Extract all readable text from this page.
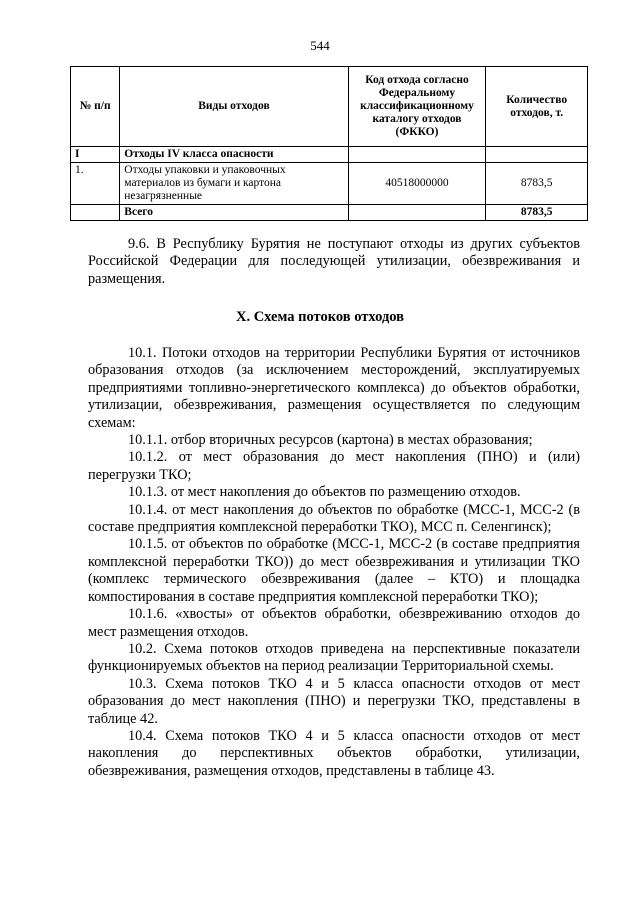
544
№ п/п	Виды отходов	Код отхода согласно Федеральному классификационному каталогу отходов (ФККО)	Количество отходов, т.
I	Отходы IV класса опасности		
1.	Отходы упаковки и упаковочных материалов из бумаги и картона незагрязненные	40518000000	8783,5
	Всего		8783,5

9.6. В Республику Бурятия не поступают отходы из других субъектов Российской Федерации для последующей утилизации, обезвреживания и размещения.

X. Схема потоков отходов

10.1. Потоки отходов на территории Республики Бурятия от источников образования отходов (за исключением месторождений, эксплуатируемых предприятиями топливно-энергетического комплекса) до объектов обработки, утилизации, обезвреживания, размещения осуществляется по следующим схемам:

10.1.1. отбор вторичных ресурсов (картона) в местах образования;

10.1.2. от мест образования до мест накопления (ПНО) и (или) перегрузки ТКО;

10.1.3. от мест накопления до объектов по размещению отходов.

10.1.4. от мест накопления до объектов по обработке (МСС-1, МСС-2 (в составе предприятия комплексной переработки ТКО), МСС п. Селенгинск);

10.1.5. от объектов по обработке (МСС-1, МСС-2 (в составе предприятия комплексной переработки ТКО)) до мест обезвреживания и утилизации ТКО (комплекс термического обезвреживания (далее – КТО) и площадка компостирования в составе предприятия комплексной переработки ТКО);

10.1.6. «хвосты» от объектов обработки, обезвреживанию отходов до мест размещения отходов.

10.2. Схема потоков отходов приведена на перспективные показатели функционируемых объектов на период реализации Территориальной схемы.

10.3. Схема потоков ТКО 4 и 5 класса опасности отходов от мест образования до мест накопления (ПНО) и перегрузки ТКО, представлены в таблице 42.

10.4. Схема потоков ТКО 4 и 5 класса опасности отходов от мест накопления до перспективных объектов обработки, утилизации, обезвреживания, размещения отходов, представлены в таблице 43.
